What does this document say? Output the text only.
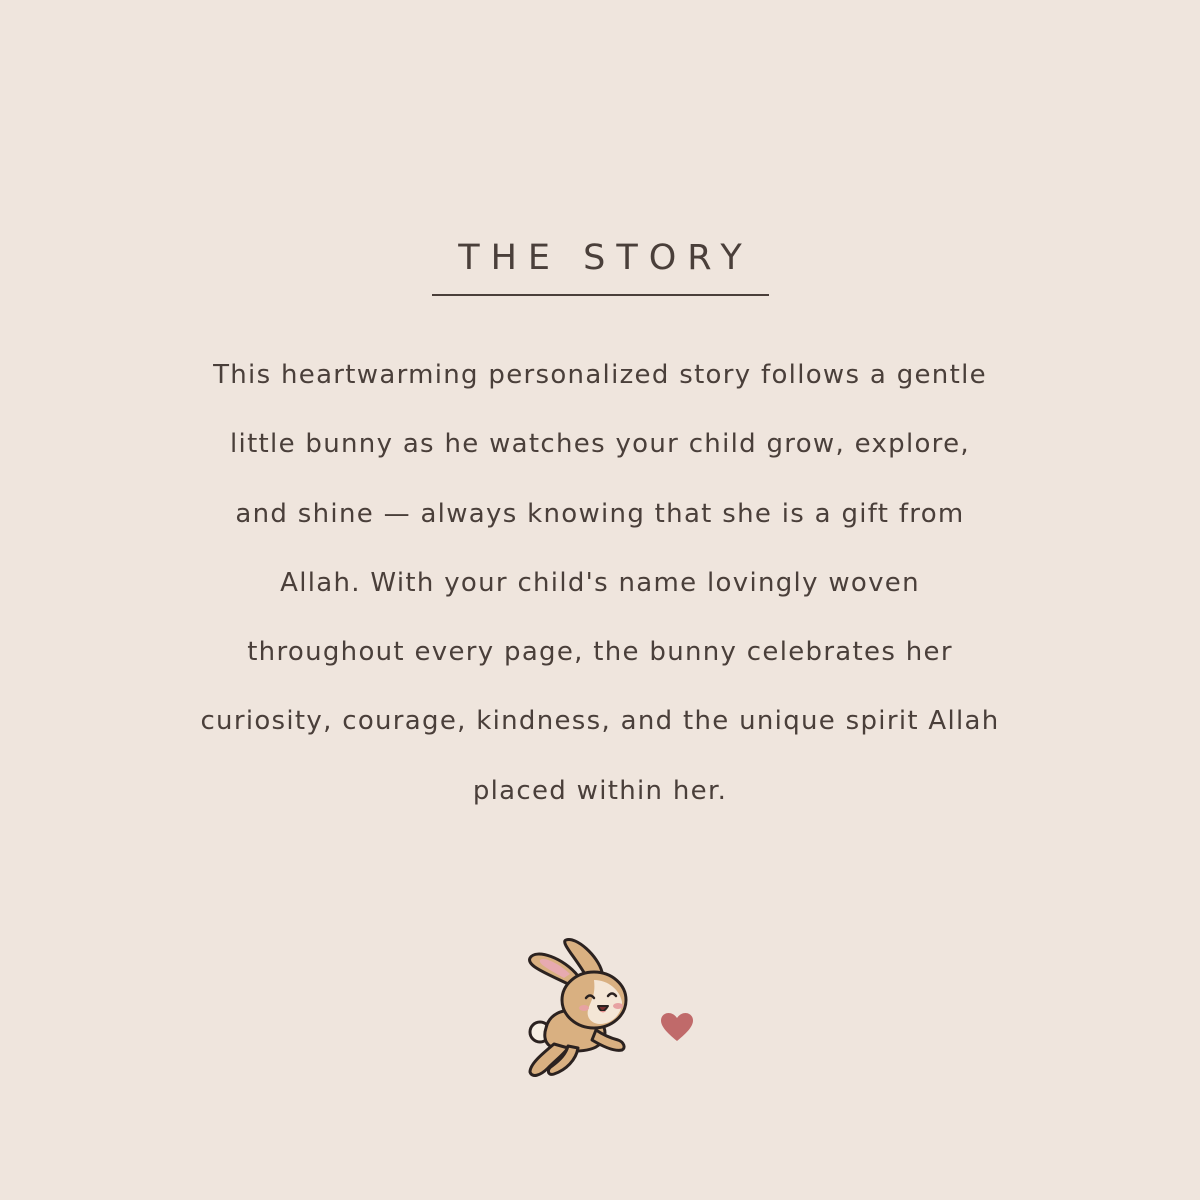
THE STORY

This heartwarming personalized story follows a gentle
little bunny as he watches your child grow, explore,
and shine — always knowing that she is a gift from
Allah. With your child's name lovingly woven
throughout every page, the bunny celebrates her
curiosity, courage, kindness, and the unique spirit Allah
placed within her.
